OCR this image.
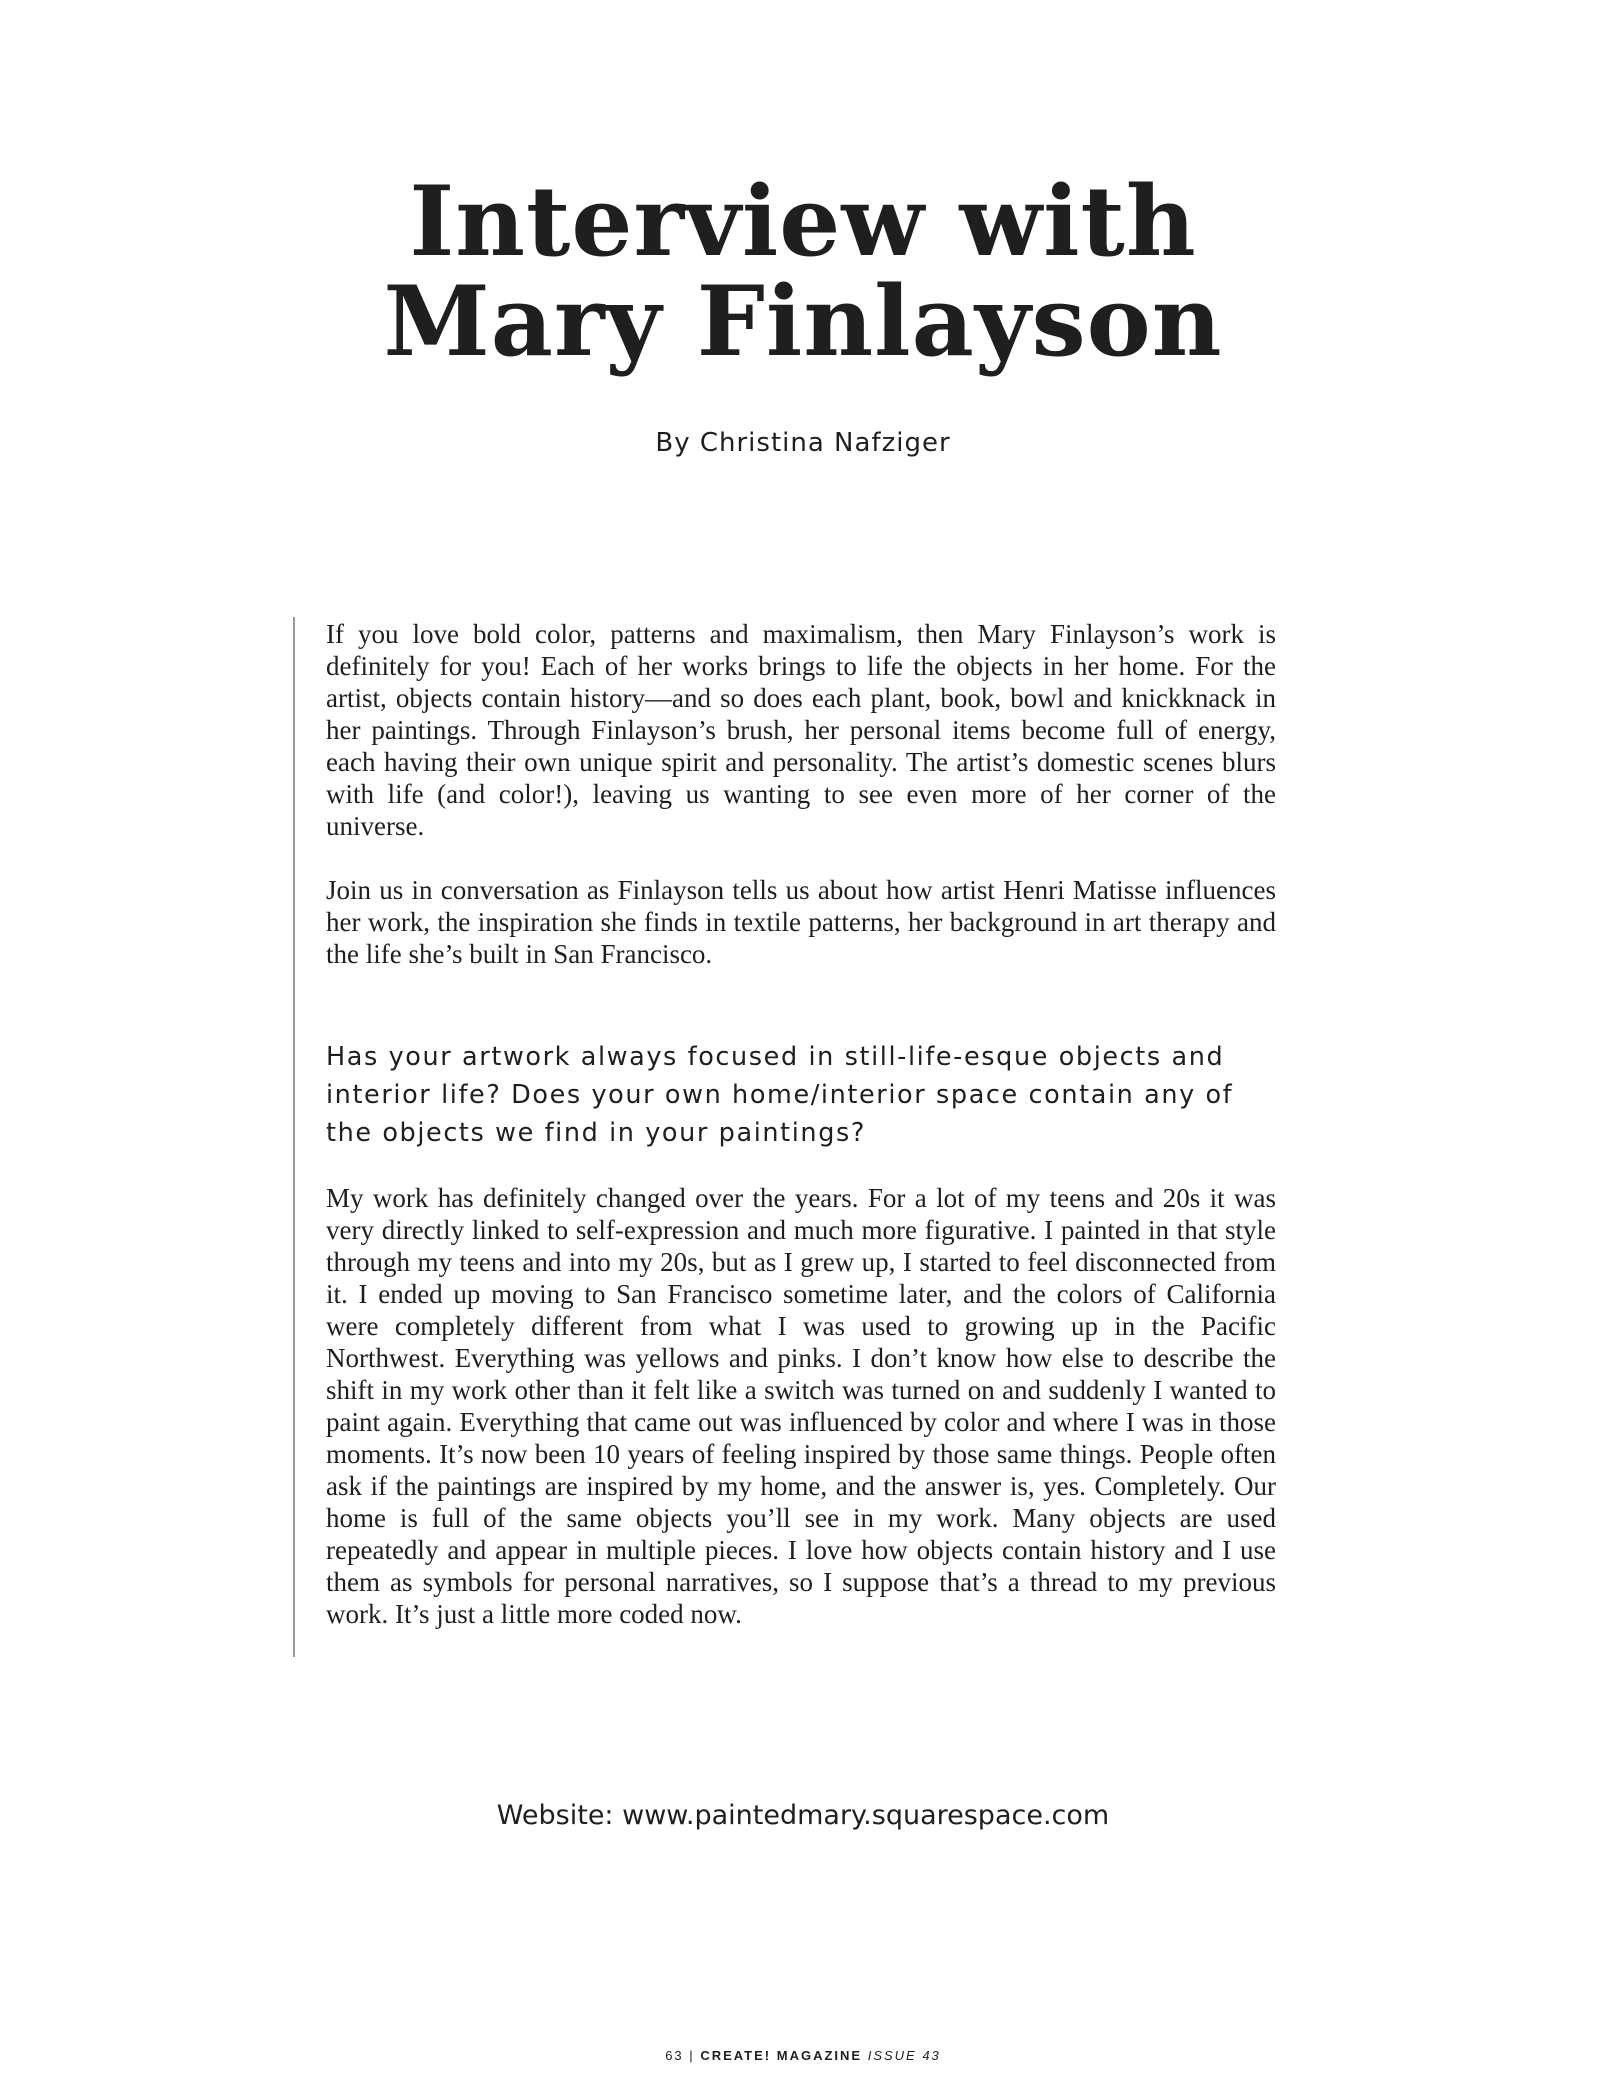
Interview with
Mary Finlayson
By Christina Nafziger

If you love bold color, patterns and maximalism, then Mary Finlayson’s work is definitely for you! Each of her works brings to life the objects in her home. For the artist, objects contain history—and so does each plant, book, bowl and knickknack in her paintings. Through Finlayson’s brush, her personal items become full of energy, each having their own unique spirit and personality. The artist’s domestic scenes blurs with life (and color!), leaving us wanting to see even more of her corner of the universe.

Join us in conversation as Finlayson tells us about how artist Henri Matisse influences her work, the inspiration she finds in textile patterns, her background in art therapy and the life she’s built in San Francisco.

Has your artwork always focused in still-life-esque objects and interior life? Does your own home/interior space contain any of the objects we find in your paintings?

My work has definitely changed over the years. For a lot of my teens and 20s it was very directly linked to self-expression and much more figurative. I painted in that style through my teens and into my 20s, but as I grew up, I started to feel disconnected from it. I ended up moving to San Francisco sometime later, and the colors of California were completely different from what I was used to growing up in the Pacific Northwest. Everything was yellows and pinks. I don’t know how else to describe the shift in my work other than it felt like a switch was turned on and suddenly I wanted to paint again. Everything that came out was influenced by color and where I was in those moments. It’s now been 10 years of feeling inspired by those same things. People often ask if the paintings are inspired by my home, and the answer is, yes. Completely. Our home is full of the same objects you’ll see in my work. Many objects are used repeatedly and appear in multiple pieces. I love how objects contain history and I use them as symbols for personal narratives, so I suppose that’s a thread to my previous work. It’s just a little more coded now.

Website: www.paintedmary.squarespace.com
63 | CREATE! MAGAZINE ISSUE 43
